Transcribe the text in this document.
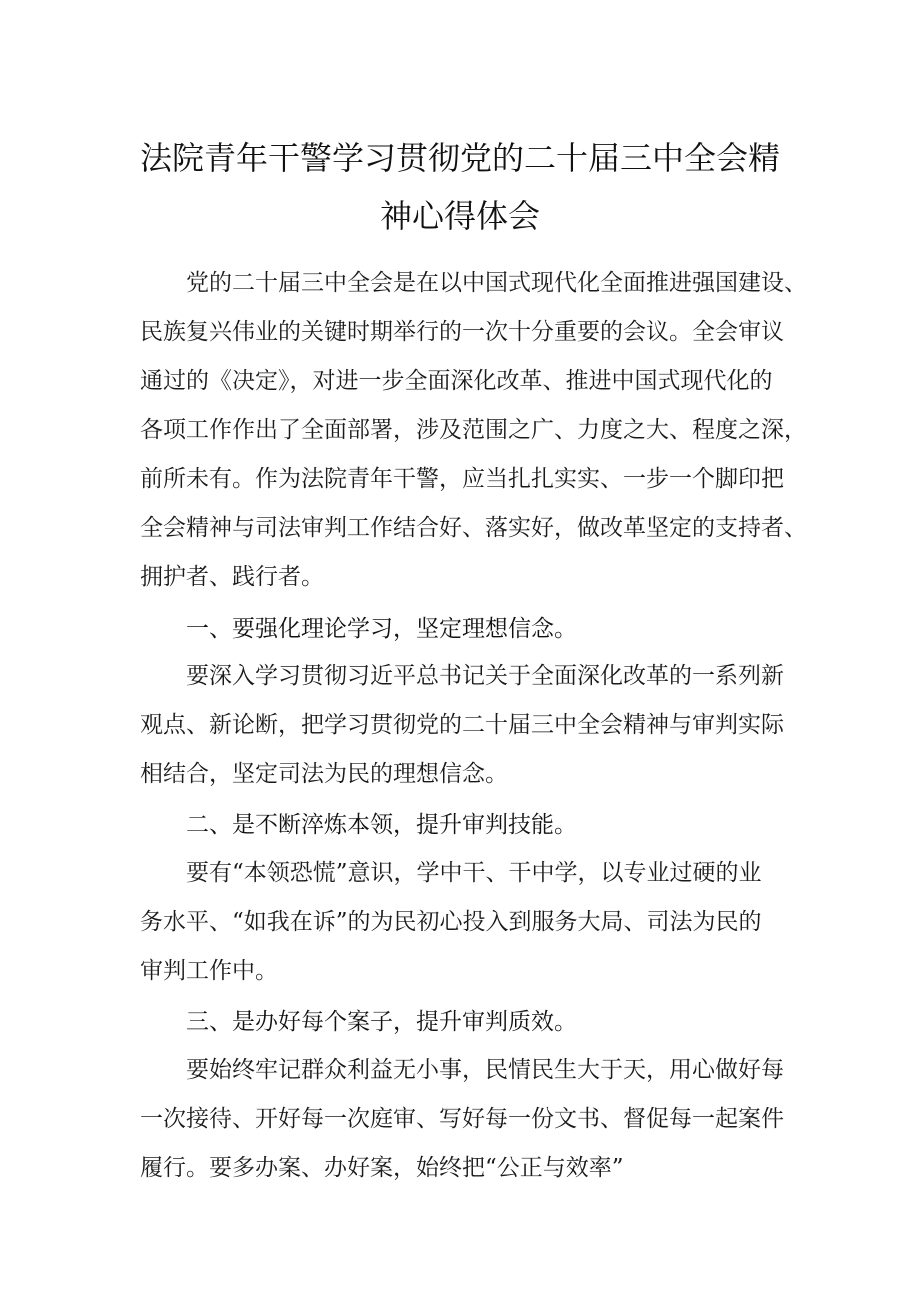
法院青年干警学习贯彻党的二十届三中全会精
神心得体会
党的二十届三中全会是在以中国式现代化全面推进强国建设、
民族复兴伟业的关键时期举行的一次十分重要的会议。全会审议
通过的《决定》，对进一步全面深化改革、推进中国式现代化的
各项工作作出了全面部署，涉及范围之广、力度之大、程度之深，
前所未有。作为法院青年干警，应当扎扎实实、一步一个脚印把
全会精神与司法审判工作结合好、落实好，做改革坚定的支持者、
拥护者、践行者。
一、要强化理论学习，坚定理想信念。
要深入学习贯彻习近平总书记关于全面深化改革的一系列新
观点、新论断，把学习贯彻党的二十届三中全会精神与审判实际
相结合，坚定司法为民的理想信念。
二、是不断淬炼本领，提升审判技能。
要有“本领恐慌”意识，学中干、干中学，以专业过硬的业
务水平、“如我在诉”的为民初心投入到服务大局、司法为民的
审判工作中。
三、是办好每个案子，提升审判质效。
要始终牢记群众利益无小事，民情民生大于天，用心做好每
一次接待、开好每一次庭审、写好每一份文书、督促每一起案件
履行。要多办案、办好案，始终把“公正与效率”
